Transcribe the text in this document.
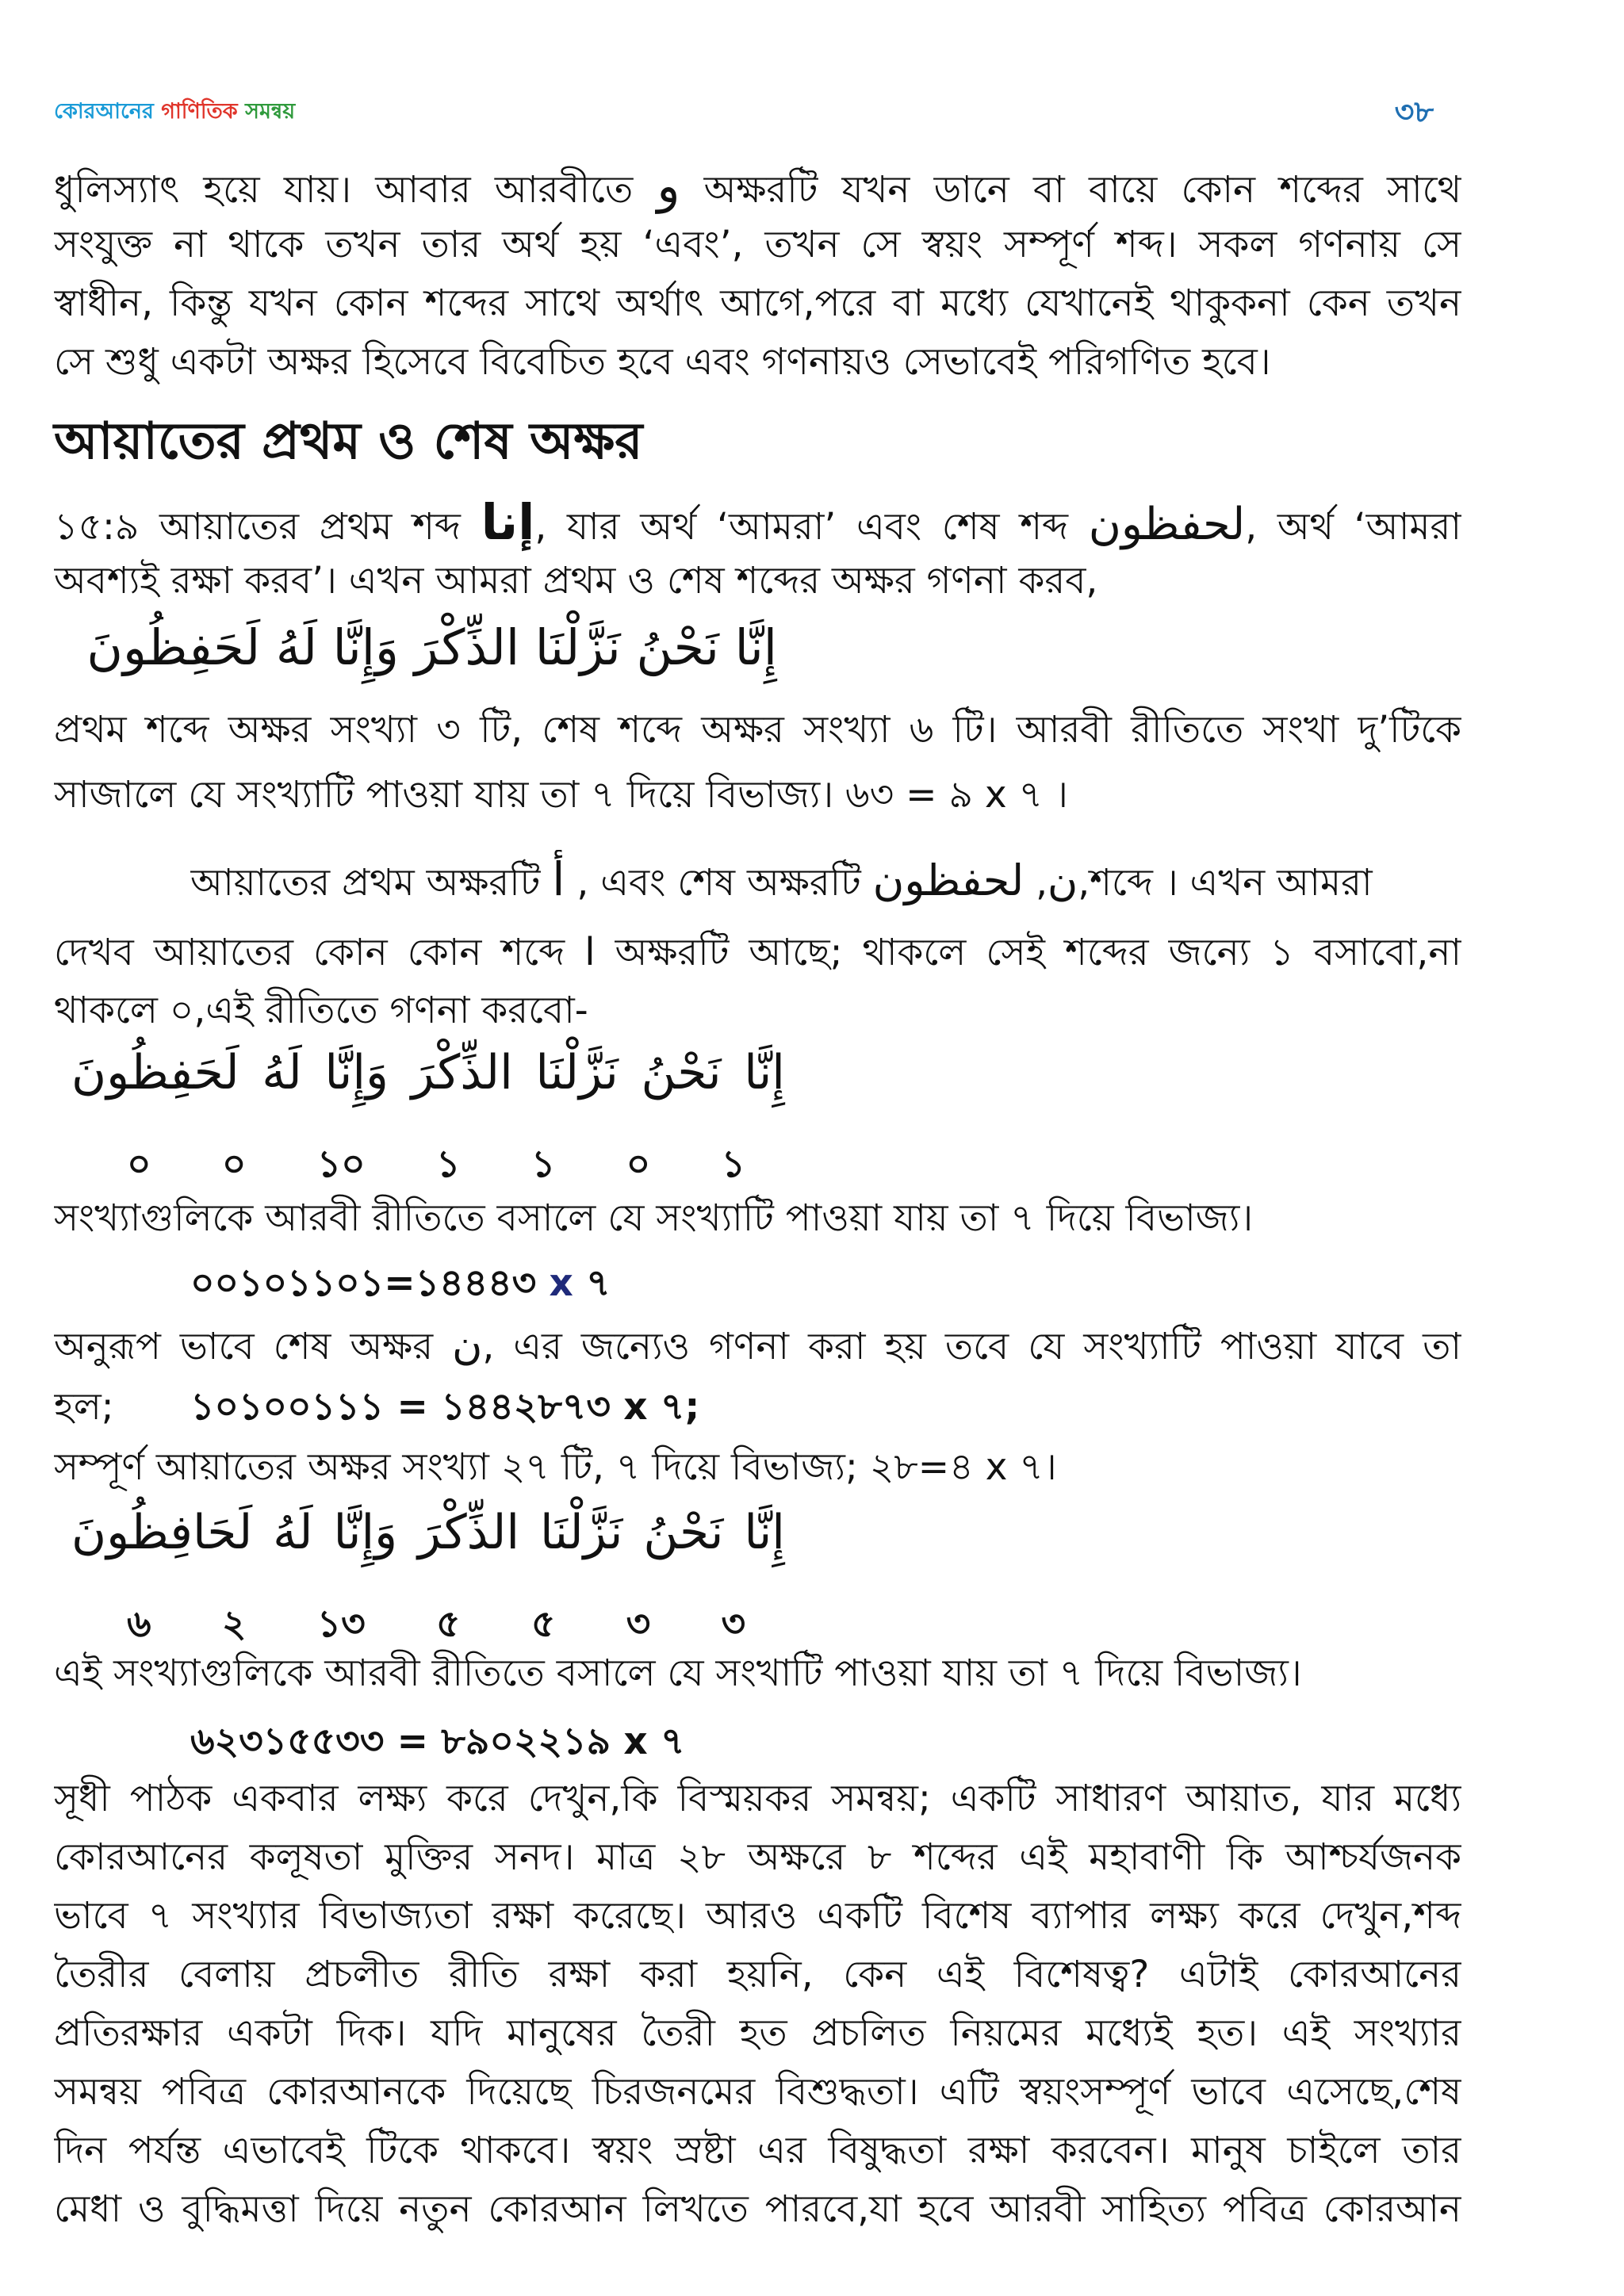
কোরআনের গাণিতিক সমন্বয়	৩৮

ধুলিস্যাৎ হয়ে যায়। আবার আরবীতে و অক্ষরটি যখন ডানে বা বায়ে কোন শব্দের সাথে

সংযুক্ত না থাকে তখন তার অর্থ হয় ‘এবং’, তখন সে স্বয়ং সম্পূর্ণ শব্দ। সকল গণনায় সে

স্বাধীন, কিন্তু যখন কোন শব্দের সাথে অর্থাৎ আগে,পরে বা মধ্যে যেখানেই থাকুকনা কেন তখন

সে শুধু একটা অক্ষর হিসেবে বিবেচিত হবে এবং গণনায়ও সেভাবেই পরিগণিত হবে।

আয়াতের প্রথম ও শেষ অক্ষর

১৫:৯ আয়াতের প্রথম শব্দ إنا, যার অর্থ ‘আমরা’ এবং শেষ শব্দ لحفظون, অর্থ ‘আমরা

অবশ্যই রক্ষা করব’। এখন আমরা প্রথম ও শেষ শব্দের অক্ষর গণনা করব,

إِنَّا نَحْنُ نَزَّلْنَا الذِّكْرَ وَإِنَّا لَهُ لَحَفِظُونَ

প্রথম শব্দে অক্ষর সংখ্যা ৩ টি, শেষ শব্দে অক্ষর সংখ্যা ৬ টি। আরবী রীতিতে সংখা দু’টিকে

সাজালে যে সংখ্যাটি পাওয়া যায় তা ৭ দিয়ে বিভাজ্য। ৬৩ = ৯ x ৭ ।

আয়াতের প্রথম অক্ষরটি أ , এবং শেষ অক্ষরটি	ن, لحفظون ,শব্দে । এখন আমরা

দেখব আয়াতের কোন কোন শব্দে ا অক্ষরটি আছে; থাকলে সেই শব্দের জন্যে ১ বসাবো,না

থাকলে ০,এই রীতিতে গণনা করবো-

إِنَّا
نَحْنُ
نَزَّلْنَا
الذِّكْرَ
وَإِنَّا
لَهُ
لَحَفِظُونَ
১
০
১
১
১০
০
০

সংখ্যাগুলিকে আরবী রীতিতে বসালে যে সংখ্যাটি পাওয়া যায় তা ৭ দিয়ে বিভাজ্য।

০০১০১১০১=১৪৪৪৩ x ৭

অনুরূপ ভাবে শেষ অক্ষর ن, এর জন্যেও গণনা করা হয় তবে যে সংখ্যাটি পাওয়া যাবে তা

হল; ১০১০০১১১ = ১৪৪২৮৭৩ x ৭;

সম্পূর্ণ আয়াতের অক্ষর সংখ্যা ২৭ টি, ৭ দিয়ে বিভাজ্য; ২৮=৪ x ৭।

إِنَّا
نَحْنُ
نَزَّلْنَا
الذِّكْرَ
وَإِنَّا
لَهُ
لَحَافِظُونَ
৩
৩
৫
৫
১৩
২
৬

এই সংখ্যাগুলিকে আরবী রীতিতে বসালে যে সংখাটি পাওয়া যায় তা ৭ দিয়ে বিভাজ্য।

৬২৩১৫৫৩৩ = ৮৯০২২১৯ x ৭

সূধী পাঠক একবার লক্ষ্য করে দেখুন,কি বিস্ময়কর সমন্বয়; একটি সাধারণ আয়াত, যার মধ্যে

কোরআনের কলূষতা মুক্তির সনদ। মাত্র ২৮ অক্ষরে ৮ শব্দের এই মহাবাণী কি আশ্চর্যজনক

ভাবে ৭ সংখ্যার বিভাজ্যতা রক্ষা করেছে। আরও একটি বিশেষ ব্যাপার লক্ষ্য করে দেখুন,শব্দ

তৈরীর বেলায় প্রচলীত রীতি রক্ষা করা হয়নি, কেন এই বিশেষত্ব? এটাই কোরআনের

প্রতিরক্ষার একটা দিক। যদি মানুষের তৈরী হত প্রচলিত নিয়মের মধ্যেই হত। এই সংখ্যার

সমন্বয় পবিত্র কোরআনকে দিয়েছে চিরজনমের বিশুদ্ধতা। এটি স্বয়ংসম্পূর্ণ ভাবে এসেছে,শেষ

দিন পর্যন্ত এভাবেই টিকে থাকবে। স্বয়ং স্রষ্টা এর বিষুদ্ধতা রক্ষা করবেন। মানুষ চাইলে তার

মেধা ও বুদ্ধিমত্তা দিয়ে নতুন কোরআন লিখতে পারবে,যা হবে আরবী সাহিত্য পবিত্র কোরআন
